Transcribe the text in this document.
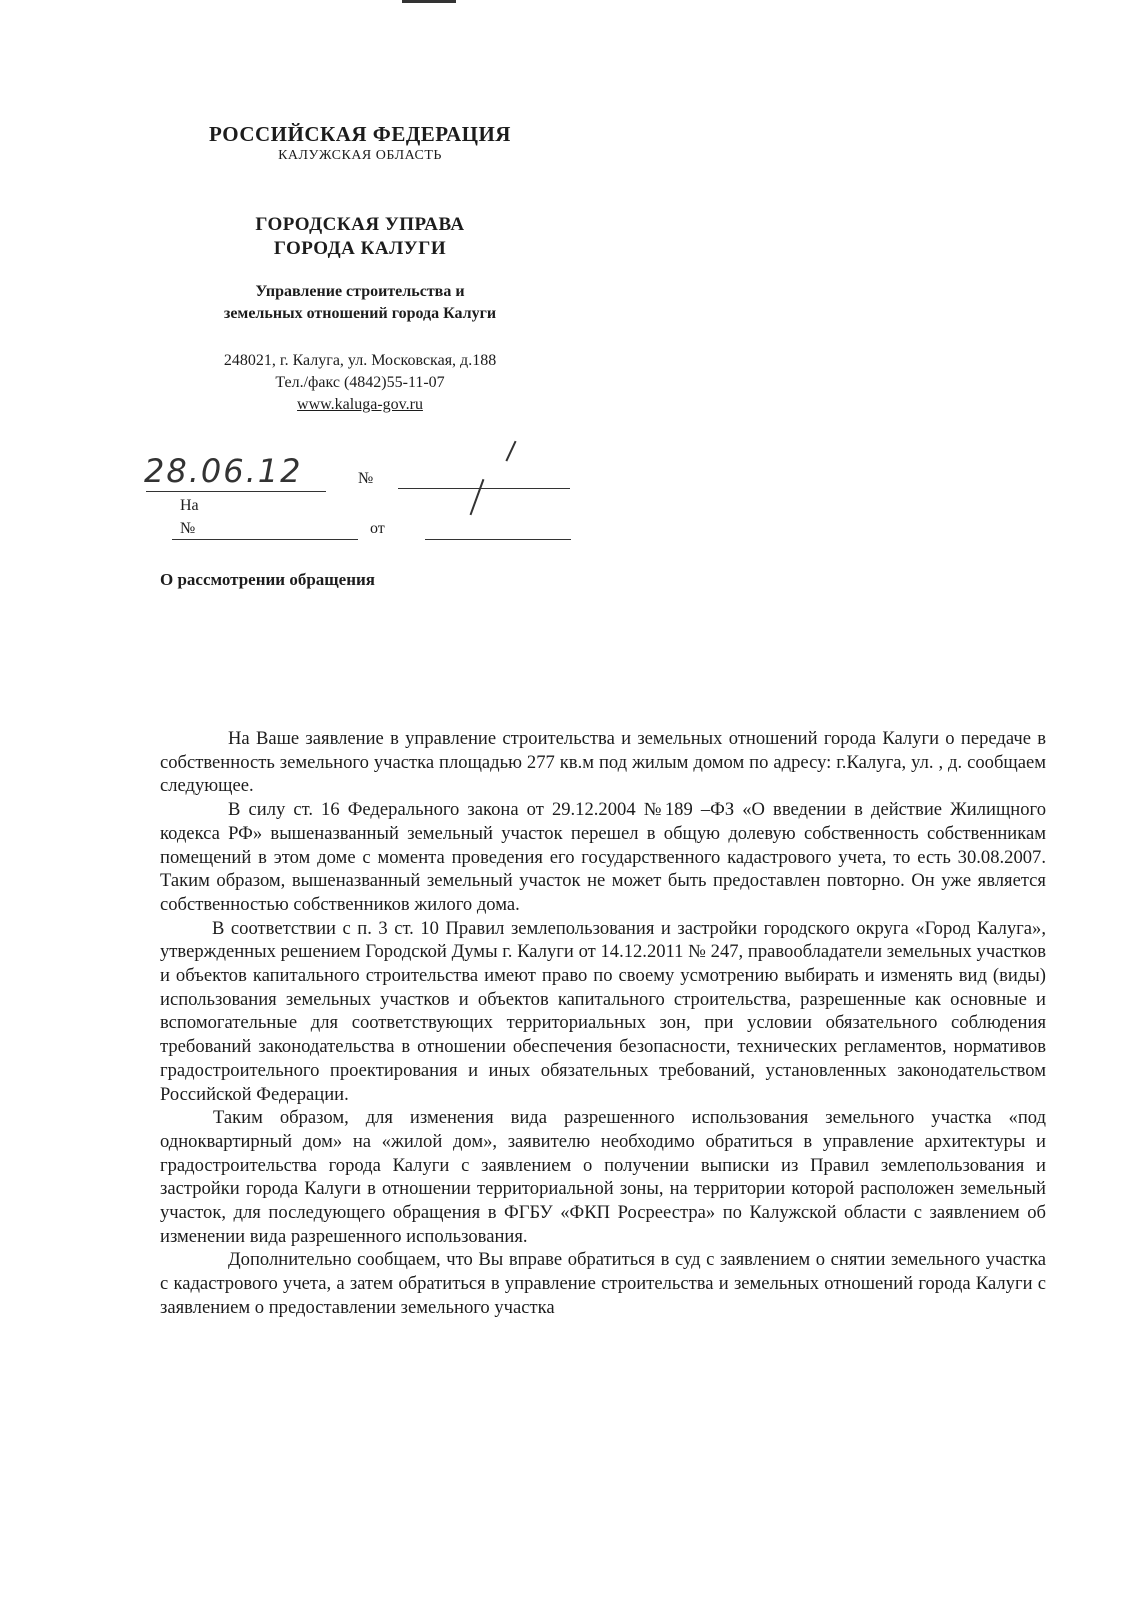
РОССИЙСКАЯ ФЕДЕРАЦИЯ
КАЛУЖСКАЯ ОБЛАСТЬ
ГОРОДСКАЯ УПРАВА
ГОРОДА КАЛУГИ
Управление строительства и
земельных отношений города Калуги
248021, г. Калуга, ул. Московская, д.188
Тел./факс (4842)55-11-07
www.kaluga-gov.ru
28.06.12	№
На
№	от
О рассмотрении обращения

На Ваше заявление в управление строительства и земельных отношений города Калуги о передаче в собственность земельного участка площадью 277 кв.м под жилым домом по адресу: г.Калуга, ул. , д. сообщаем следующее.

В силу ст. 16 Федерального закона от 29.12.2004 №189 –ФЗ «О введении в действие Жилищного кодекса РФ» вышеназванный земельный участок перешел в общую долевую собственность собственникам помещений в этом доме с момента проведения его государственного кадастрового учета, то есть 30.08.2007. Таким образом, вышеназванный земельный участок не может быть предоставлен повторно. Он уже является собственностью собственников жилого дома.

В соответствии с п. 3 ст. 10 Правил землепользования и застройки городского округа «Город Калуга», утвержденных решением Городской Думы г. Калуги от 14.12.2011 № 247, правообладатели земельных участков и объектов капитального строительства имеют право по своему усмотрению выбирать и изменять вид (виды) использования земельных участков и объектов капитального строительства, разрешенные как основные и вспомогательные для соответствующих территориальных зон, при условии обязательного соблюдения требований законодательства в отношении обеспечения безопасности, технических регламентов, нормативов градостроительного проектирования и иных обязательных требований, установленных законодательством Российской Федерации.

Таким образом, для изменения вида разрешенного использования земельного участка «под одноквартирный дом» на «жилой дом», заявителю необходимо обратиться в управление архитектуры и градостроительства города Калуги с заявлением о получении выписки из Правил землепользования и застройки города Калуги в отношении территориальной зоны, на территории которой расположен земельный участок, для последующего обращения в ФГБУ «ФКП Росреестра» по Калужской области с заявлением об изменении вида разрешенного использования.

Дополнительно сообщаем, что Вы вправе обратиться в суд с заявлением о снятии земельного участка с кадастрового учета, а затем обратиться в управление строительства и земельных отношений города Калуги с заявлением о предоставлении земельного участка
